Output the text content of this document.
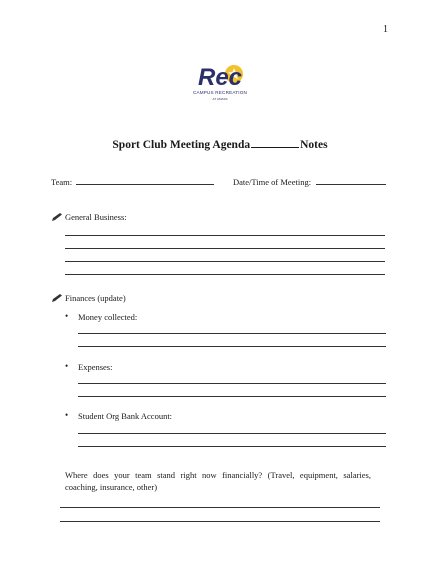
1
Rec
CAMPUS RECREATION
AT UMASS
Sport Club Meeting Agenda	Notes
Team:	Date/Time of Meeting:
General Business:
Finances (update)
• Money collected:
• Expenses:
• Student Org Bank Account:
Where does your team stand right now financially? (Travel, equipment, salaries, coaching, insurance, other)
